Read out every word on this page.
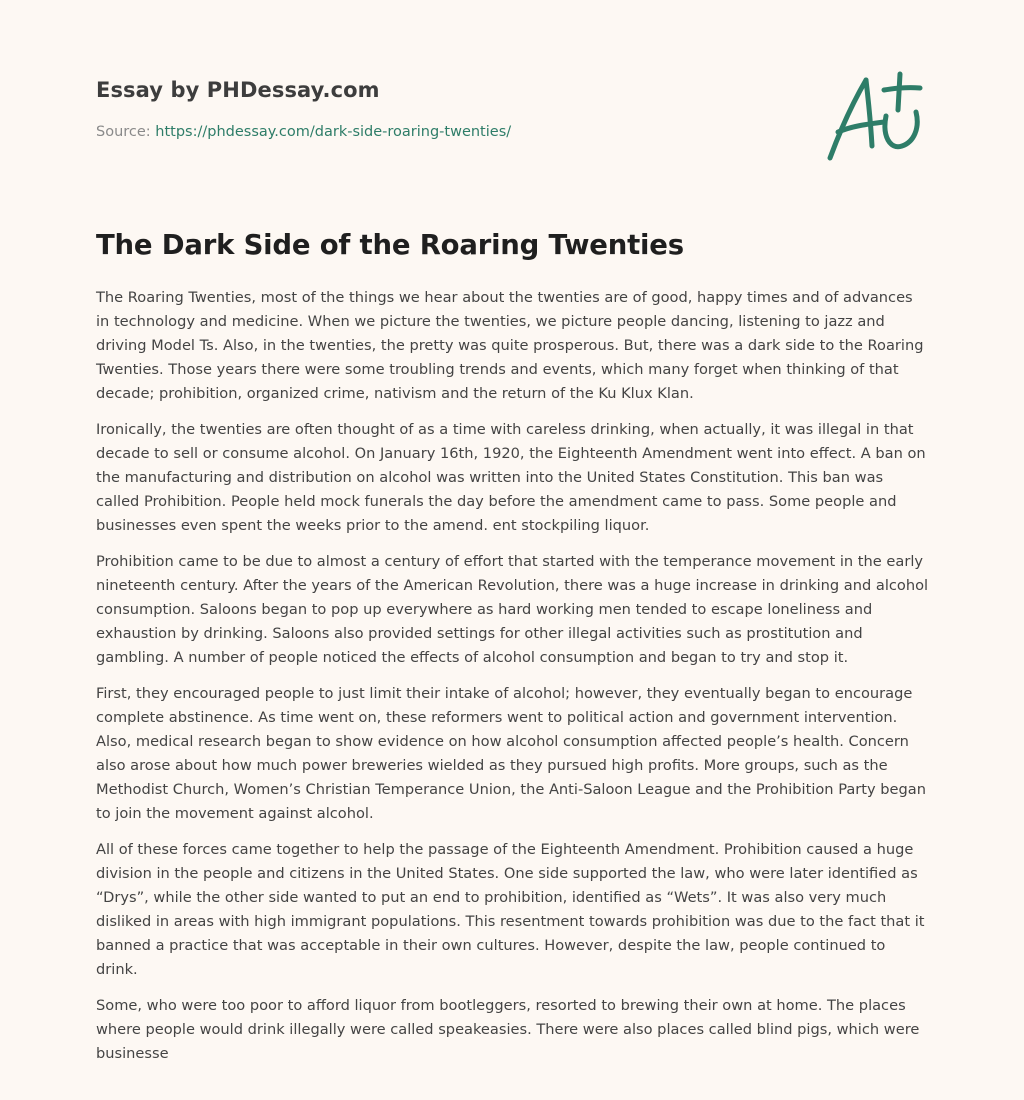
Essay by PHDessay.com
Source: https://phdessay.com/dark-side-roaring-twenties/
The Dark Side of the Roaring Twenties

The Roaring Twenties, most of the things we hear about the twenties are of good, happy times and of advances in technology and medicine. When we picture the twenties, we picture people dancing, listening to jazz and driving Model Ts. Also, in the twenties, the pretty was quite prosperous. But, there was a dark side to the Roaring Twenties. Those years there were some troubling trends and events, which many forget when thinking of that decade; prohibition, organized crime, nativism and the return of the Ku Klux Klan.

Ironically, the twenties are often thought of as a time with careless drinking, when actually, it was illegal in that decade to sell or consume alcohol. On January 16th, 1920, the Eighteenth Amendment went into effect. A ban on the manufacturing and distribution on alcohol was written into the United States Constitution. This ban was called Prohibition. People held mock funerals the day before the amendment came to pass. Some people and businesses even spent the weeks prior to the amend. ent stockpiling liquor.

Prohibition came to be due to almost a century of effort that started with the temperance movement in the early nineteenth century. After the years of the American Revolution, there was a huge increase in drinking and alcohol consumption. Saloons began to pop up everywhere as hard working men tended to escape loneliness and exhaustion by drinking. Saloons also provided settings for other illegal activities such as prostitution and gambling. A number of people noticed the effects of alcohol consumption and began to try and stop it.

First, they encouraged people to just limit their intake of alcohol; however, they eventually began to encourage complete abstinence. As time went on, these reformers went to political action and government intervention. Also, medical research began to show evidence on how alcohol consumption affected people’s health. Concern also arose about how much power breweries wielded as they pursued high profits. More groups, such as the Methodist Church, Women’s Christian Temperance Union, the Anti-Saloon League and the Prohibition Party began to join the movement against alcohol.

All of these forces came together to help the passage of the Eighteenth Amendment. Prohibition caused a huge division in the people and citizens in the United States. One side supported the law, who were later identified as “Drys”, while the other side wanted to put an end to prohibition, identified as “Wets”. It was also very much disliked in areas with high immigrant populations. This resentment towards prohibition was due to the fact that it banned a practice that was acceptable in their own cultures. However, despite the law, people continued to drink.

Some, who were too poor to afford liquor from bootleggers, resorted to brewing their own at home. The places where people would drink illegally were called speakeasies. There were also places called blind pigs, which were businesse
